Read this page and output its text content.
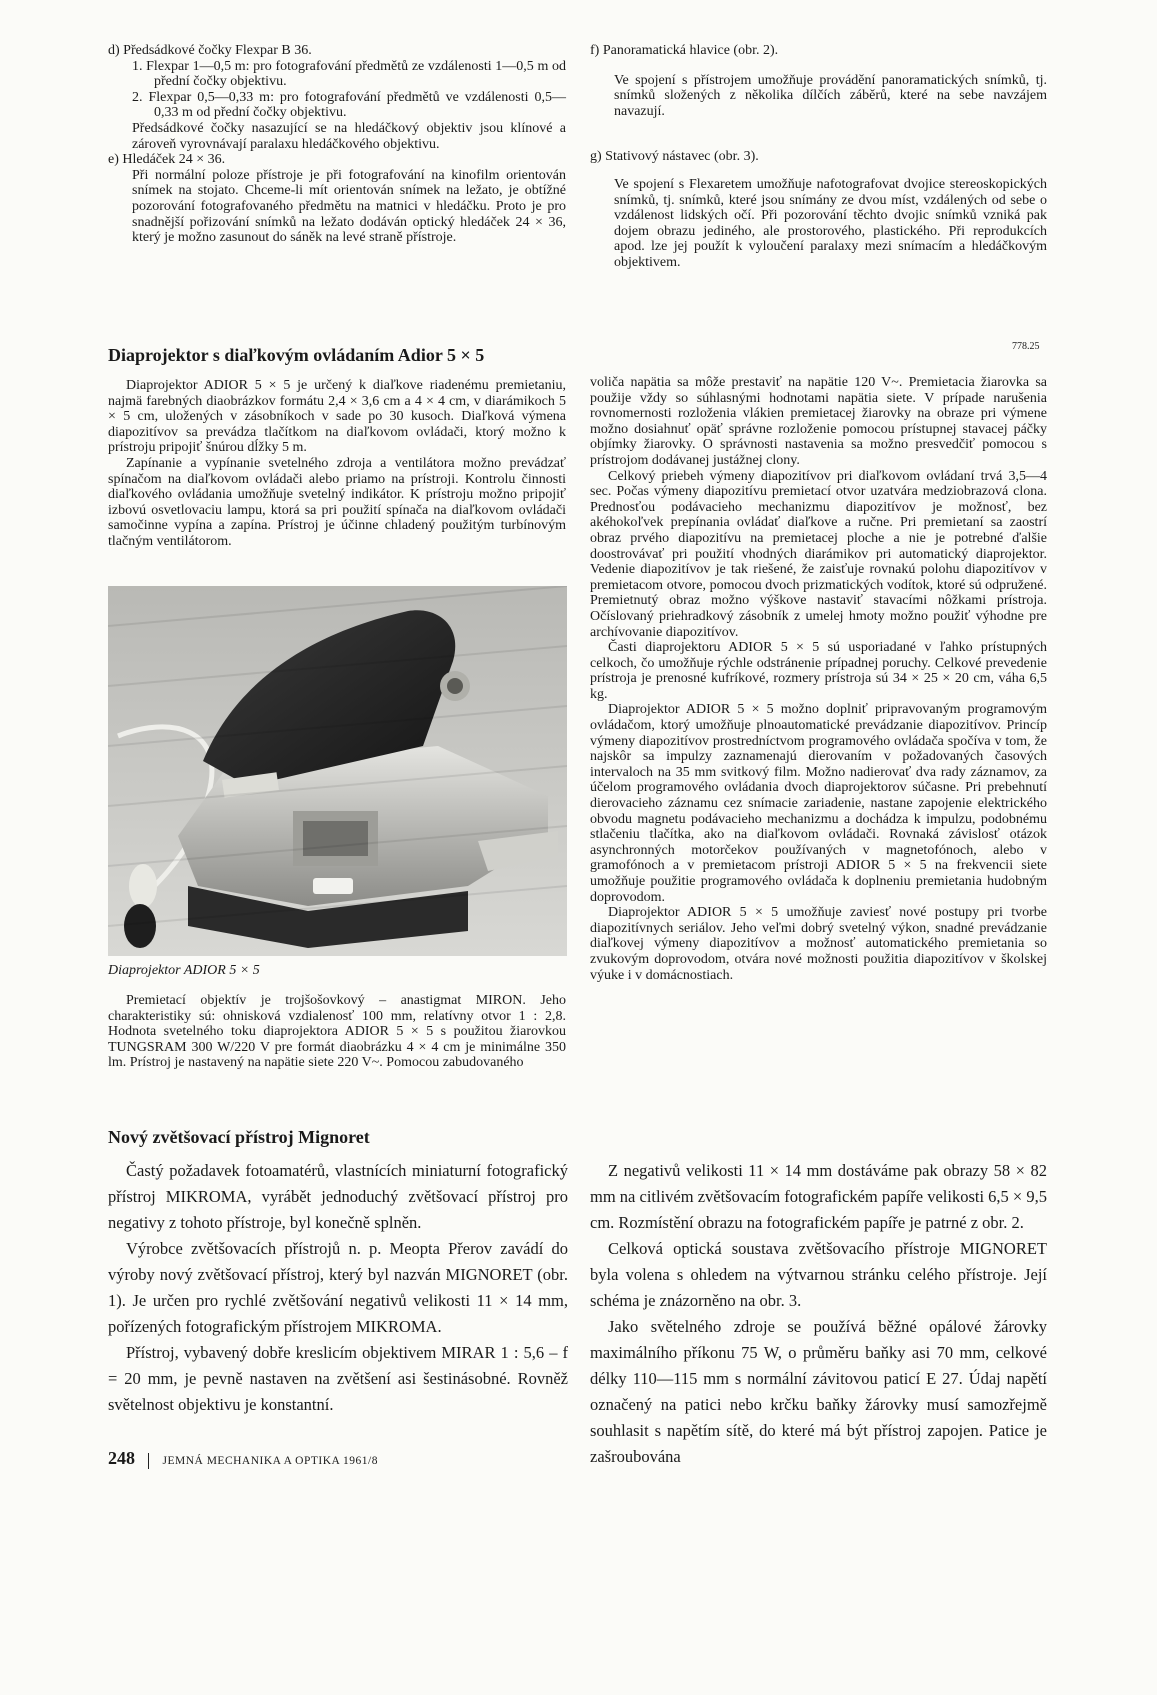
d) Předsádkové čočky Flexpar B 36.

1. Flexpar 1—0,5 m: pro fotografování předmětů ze vzdálenosti 1—0,5 m od přední čočky objektivu.

2. Flexpar 0,5—0,33 m: pro fotografování předmětů ve vzdálenosti 0,5—0,33 m od přední čočky objektivu.

Předsádkové čočky nasazující se na hledáčkový objektiv jsou klínové a zároveň vyrovnávají paralaxu hledáčkového objektivu.

e) Hledáček 24 × 36.

Při normální poloze přístroje je při fotografování na kinofilm orientován snímek na stojato. Chceme-li mít orientován snímek na ležato, je obtížné pozorování fotografovaného předmětu na matnici v hledáčku. Proto je pro snadnější pořizování snímků na ležato dodáván optický hledáček 24 × 36, který je možno zasunout do sáněk na levé straně přístroje.

f) Panoramatická hlavice (obr. 2).

Ve spojení s přístrojem umožňuje provádění panoramatických snímků, tj. snímků složených z několika dílčích záběrů, které na sebe navzájem navazují.

g) Stativový nástavec (obr. 3).

Ve spojení s Flexaretem umožňuje nafotografovat dvojice stereoskopických snímků, tj. snímků, které jsou snímány ze dvou míst, vzdálených od sebe o vzdálenost lidských očí. Při pozorování těchto dvojic snímků vzniká pak dojem obrazu jediného, ale prostorového, plastického. Při reprodukcích apod. lze jej použít k vyloučení paralaxy mezi snímacím a hledáčkovým objektivem.

778.25
Diaprojektor s diaľkovým ovládaním Adior 5 × 5

Diaprojektor ADIOR 5 × 5 je určený k diaľkove riadenému premietaniu, najmä farebných diaobrázkov formátu 2,4 × 3,6 cm a 4 × 4 cm, v diarámikoch 5 × 5 cm, uložených v zásobníkoch v sade po 30 kusoch. Diaľková výmena diapozitívov sa prevádza tlačítkom na diaľkovom ovládači, ktorý možno k prístroju pripojiť šnúrou dĺžky 5 m.

Zapínanie a vypínanie svetelného zdroja a ventilátora možno prevádzať spínačom na diaľkovom ovládači alebo priamo na prístroji. Kontrolu činnosti diaľkového ovládania umožňuje svetelný indikátor. K prístroju možno pripojiť izbovú osvetlovaciu lampu, ktorá sa pri použití spínača na diaľkovom ovládači samočinne vypína a zapína. Prístroj je účinne chladený použitým turbínovým tlačným ventilátorom.

Diaprojektor ADIOR 5 × 5

Premietací objektív je trojšošovkový – anastigmat MIRON. Jeho charakteristiky sú: ohnisková vzdialenosť 100 mm, relatívny otvor 1 : 2,8. Hodnota svetelného toku diaprojektora ADIOR 5 × 5 s použitou žiarovkou TUNGSRAM 300 W/220 V pre formát diaobrázku 4 × 4 cm je minimálne 350 lm. Prístroj je nastavený na napätie siete 220 V~. Pomocou zabudovaného

voliča napätia sa môže prestaviť na napätie 120 V~. Premietacia žiarovka sa použije vždy so súhlasnými hodnotami napätia siete. V prípade narušenia rovnomernosti rozloženia vlákien premietacej žiarovky na obraze pri výmene možno dosiahnuť opäť správne rozloženie pomocou prístupnej stavacej páčky objímky žiarovky. O správnosti nastavenia sa možno presvedčiť pomocou s prístrojom dodávanej justážnej clony.

Celkový priebeh výmeny diapozitívov pri diaľkovom ovládaní trvá 3,5—4 sec. Počas výmeny diapozitívu premietací otvor uzatvára medziobrazová clona. Prednosťou podávacieho mechanizmu diapozitívov je možnosť, bez akéhokoľvek prepínania ovládať diaľkove a ručne. Pri premietaní sa zaostrí obraz prvého diapozitívu na premietacej ploche a nie je potrebné ďalšie doostrovávať pri použití vhodných diarámikov pri automatický diaprojektor. Vedenie diapozitívov je tak riešené, že zaisťuje rovnakú polohu diapozitívov v premietacom otvore, pomocou dvoch prizmatických vodítok, ktoré sú odpružené. Premietnutý obraz možno výškove nastaviť stavacími nôžkami prístroja. Očíslovaný priehradkový zásobník z umelej hmoty možno použiť výhodne pre archívovanie diapozitívov.

Časti diaprojektoru ADIOR 5 × 5 sú usporiadané v ľahko prístupných celkoch, čo umožňuje rýchle odstránenie prípadnej poruchy. Celkové prevedenie prístroja je prenosné kufríkové, rozmery prístroja sú 34 × 25 × 20 cm, váha 6,5 kg.

Diaprojektor ADIOR 5 × 5 možno doplniť pripravovaným programovým ovládačom, ktorý umožňuje plnoautomatické prevádzanie diapozitívov. Princíp výmeny diapozitívov prostredníctvom programového ovládača spočíva v tom, že najskôr sa impulzy zaznamenajú dierovaním v požadovaných časových intervaloch na 35 mm svitkový film. Možno nadierovať dva rady záznamov, za účelom programového ovládania dvoch diaprojektorov súčasne. Pri prebehnutí dierovacieho záznamu cez snímacie zariadenie, nastane zapojenie elektrického obvodu magnetu podávacieho mechanizmu a dochádza k impulzu, podobnému stlačeniu tlačítka, ako na diaľkovom ovládači. Rovnaká závislosť otázok asynchronných motorčekov používaných v magnetofónoch, alebo v gramofónoch a v premietacom prístroji ADIOR 5 × 5 na frekvencii siete umožňuje použitie programového ovládača k doplneniu premietania hudobným doprovodom.

Diaprojektor ADIOR 5 × 5 umožňuje zaviesť nové postupy pri tvorbe diapozitívnych seriálov. Jeho veľmi dobrý svetelný výkon, snadné prevádzanie diaľkovej výmeny diapozitívov a možnosť automatického premietania so zvukovým doprovodom, otvára nové možnosti použitia diapozitívov v školskej výuke i v domácnostiach.

Nový zvětšovací přístroj Mignoret

Častý požadavek fotoamatérů, vlastnících miniaturní fotografický přístroj MIKROMA, vyrábět jednoduchý zvětšovací přístroj pro negativy z tohoto přístroje, byl konečně splněn.

Výrobce zvětšovacích přístrojů n. p. Meopta Přerov zavádí do výroby nový zvětšovací přístroj, který byl nazván MIGNORET (obr. 1). Je určen pro rychlé zvětšování negativů velikosti 11 × 14 mm, pořízených fotografickým přístrojem MIKROMA.

Přístroj, vybavený dobře kreslicím objektivem MIRAR 1 : 5,6 – f = 20 mm, je pevně nastaven na zvětšení asi šestinásobné. Rovněž světelnost objektivu je konstantní.

Z negativů velikosti 11 × 14 mm dostáváme pak obrazy 58 × 82 mm na citlivém zvětšovacím fotografickém papíře velikosti 6,5 × 9,5 cm. Rozmístění obrazu na fotografickém papíře je patrné z obr. 2.

Celková optická soustava zvětšovacího přístroje MIGNORET byla volena s ohledem na výtvarnou stránku celého přístroje. Její schéma je znázorněno na obr. 3.

Jako světelného zdroje se používá běžné opálové žárovky maximálního příkonu 75 W, o průměru baňky asi 70 mm, celkové délky 110—115 mm s normální závitovou paticí E 27. Údaj napětí označený na patici nebo krčku baňky žárovky musí samozřejmě souhlasit s napětím sítě, do které má být přístroj zapojen. Patice je zašroubována

248 JEMNÁ MECHANIKA A OPTIKA 1961/8
